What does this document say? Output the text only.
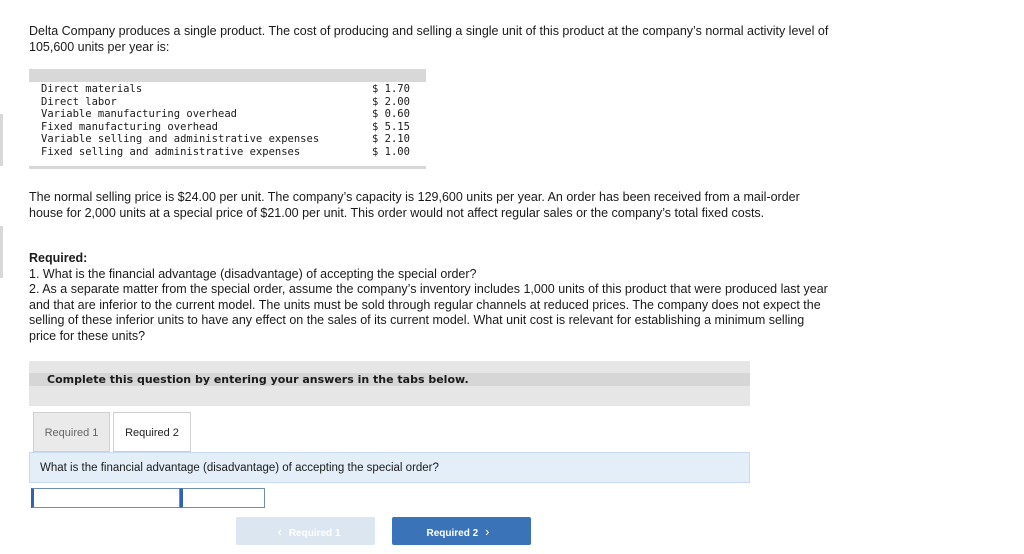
Delta Company produces a single product. The cost of producing and selling a single unit of this product at the company’s normal activity level of 105,600 units per year is:

Direct materials	$ 1.70
Direct labor	$ 2.00
Variable manufacturing overhead	$ 0.60
Fixed manufacturing overhead	$ 5.15
Variable selling and administrative expenses	$ 2.10
Fixed selling and administrative expenses	$ 1.00

The normal selling price is $24.00 per unit. The company’s capacity is 129,600 units per year. An order has been received from a mail-order house for 2,000 units at a special price of $21.00 per unit. This order would not affect regular sales or the company’s total fixed costs.

Required:
1. What is the financial advantage (disadvantage) of accepting the special order?
2. As a separate matter from the special order, assume the company’s inventory includes 1,000 units of this product that were produced last year and that are inferior to the current model. The units must be sold through regular channels at reduced prices. The company does not expect the selling of these inferior units to have any effect on the sales of its current model. What unit cost is relevant for establishing a minimum selling price for these units?
Complete this question by entering your answers in the tabs below.
Required 1	Required 2
What is the financial advantage (disadvantage) of accepting the special order?
‹ Required 1	Required 2 ›
